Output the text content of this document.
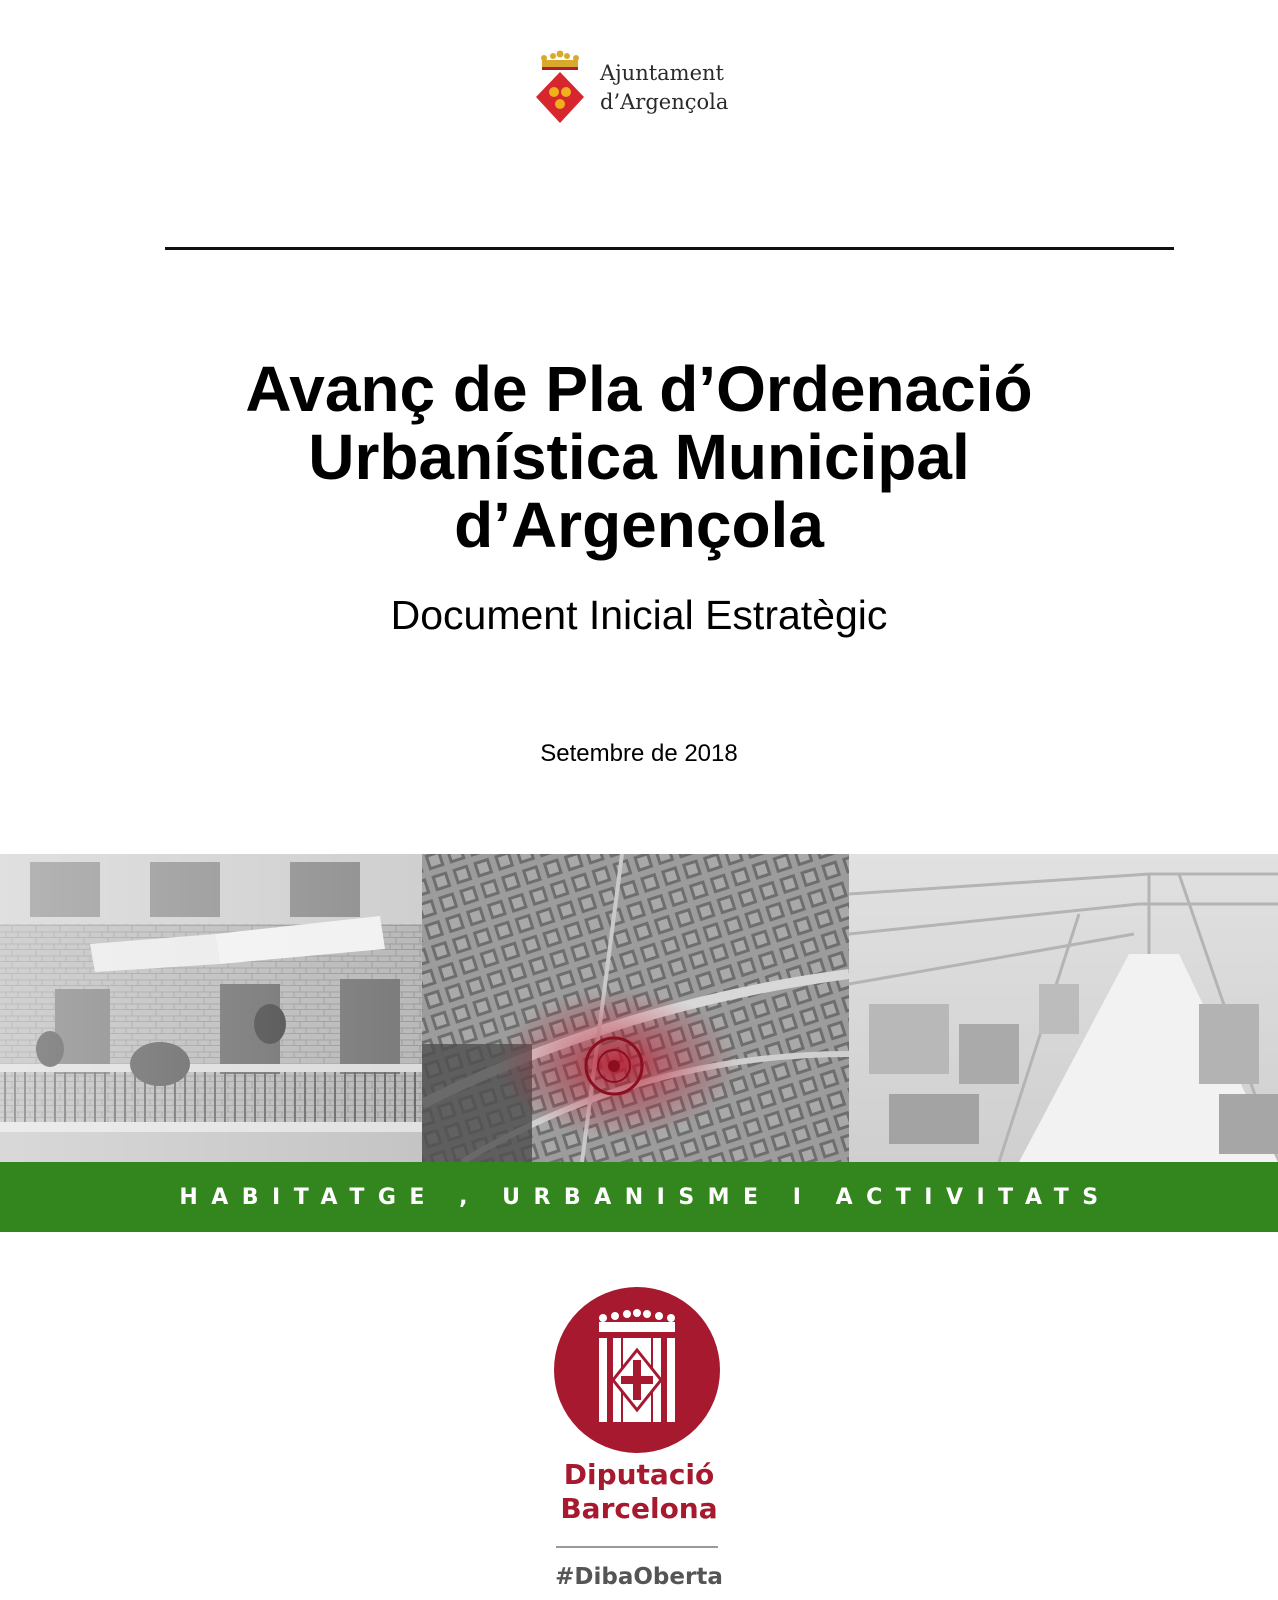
Ajuntament
d’Argençola
Avanç de Pla d’Ordenació
Urbanística Municipal
d’Argençola
Document Inicial Estratègic
Setembre de 2018
HABITATGE , URBANISME I ACTIVITATS
Diputació
Barcelona
#DibaOberta
